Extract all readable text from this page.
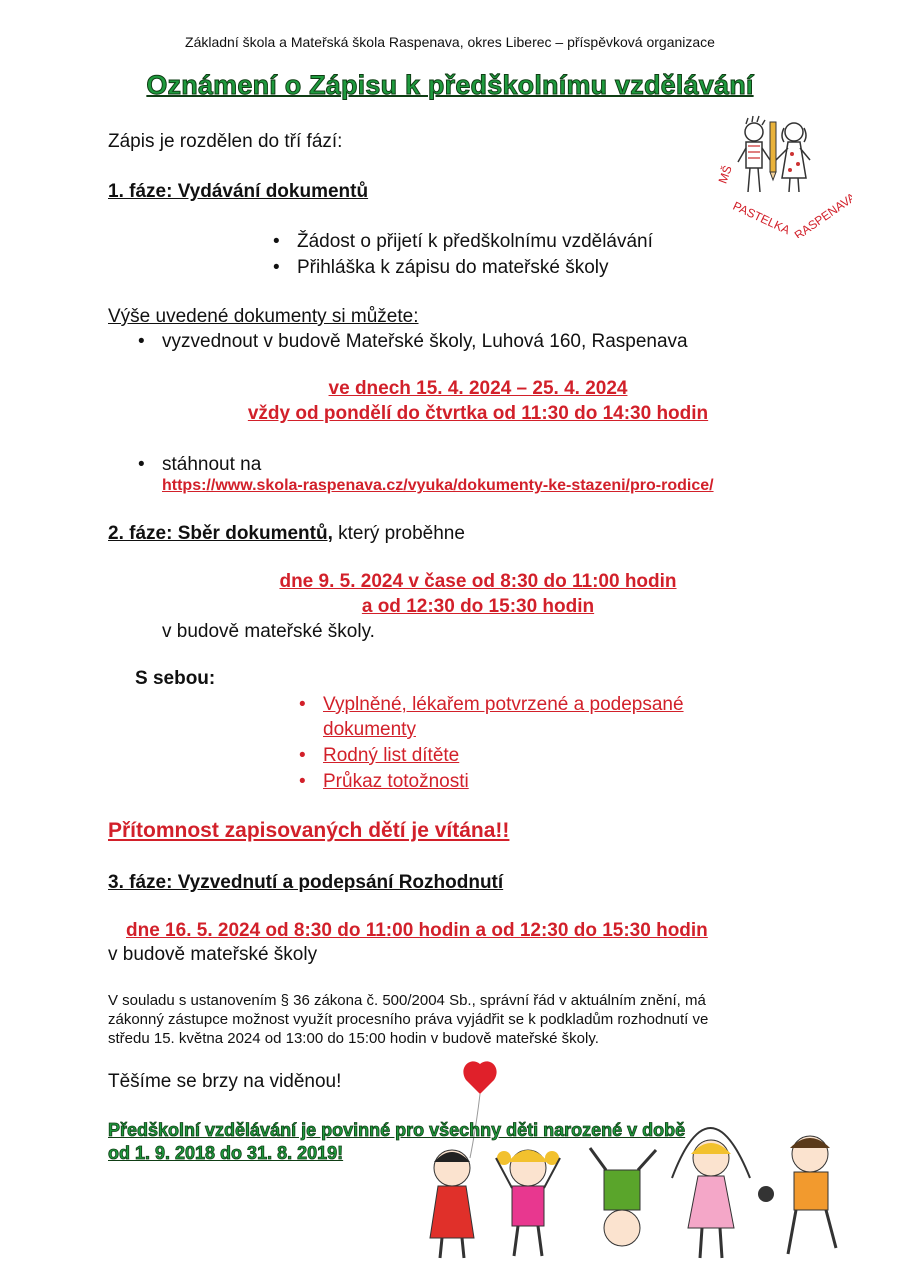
Základní škola a Mateřská škola Raspenava, okres Liberec – příspěvková organizace
Oznámení o Zápisu k předškolnímu vzdělávání
Zápis je rozdělen do tří fází:
MŠ
PASTELKA RASPENAVA
1. fáze: Vydávání dokumentů
• Žádost o přijetí k předškolnímu vzdělávání
• Přihláška k zápisu do mateřské školy
Výše uvedené dokumenty si můžete:
• vyzvednout v budově Mateřské školy, Luhová 160, Raspenava
ve dnech 15. 4. 2024 – 25. 4. 2024
vždy od pondělí do čtvrtka od 11:30 do 14:30 hodin
• stáhnout na
https://www.skola-raspenava.cz/vyuka/dokumenty-ke-stazeni/pro-rodice/
2. fáze: Sběr dokumentů, který proběhne
dne 9. 5. 2024 v čase od 8:30 do 11:00 hodin
a od 12:30 do 15:30 hodin
v budově mateřské školy.
S sebou:
• Vyplněné, lékařem potvrzené a podepsané
dokumenty
• Rodný list dítěte
• Průkaz totožnosti
Přítomnost zapisovaných dětí je vítána!!
3. fáze: Vyzvednutí a podepsání Rozhodnutí
dne 16. 5. 2024 od 8:30 do 11:00 hodin a od 12:30 do 15:30 hodin
v budově mateřské školy
V souladu s ustanovením § 36 zákona č. 500/2004 Sb., správní řád v aktuálním znění, má
zákonný zástupce možnost využít procesního práva vyjádřit se k podkladům rozhodnutí ve
středu 15. května 2024 od 13:00 do 15:00 hodin v budově mateřské školy.
Těšíme se brzy na viděnou!
Předškolní vzdělávání je povinné pro všechny děti narozené v době
od 1. 9. 2018 do 31. 8. 2019!
